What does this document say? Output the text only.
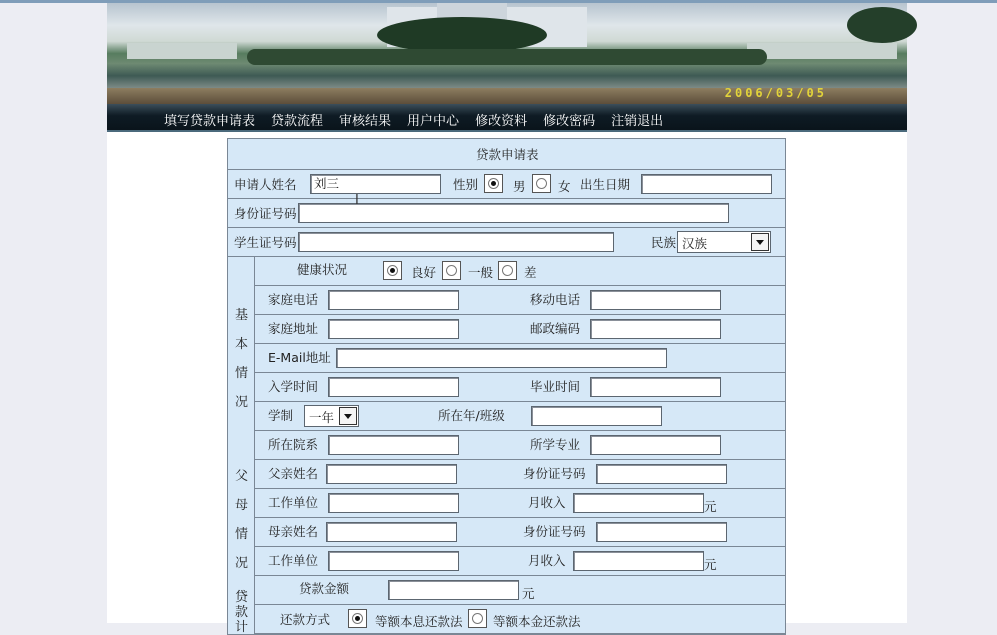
2006/03/05
填写贷款申请表 贷款流程 审核结果 用户中心 修改资料 修改密码 注销退出
贷款申请表
申请人姓名	刘三	性别	男	女 出生日期
身份证号码
学生证号码	民族 汉族
基
本
情
况
健康状况	良好	一般 差
家庭电话	移动电话
家庭地址	邮政编码
E-Mail地址
入学时间	毕业时间
学制	一年	所在年/班级
所在院系	所学专业
父
母
情
况
父亲姓名	身份证号码
工作单位	月收入	元
母亲姓名	身份证号码
工作单位	月收入	元
贷
款
计
贷款金额	元
还款方式	等额本息还款法 等额本金还款法
I
